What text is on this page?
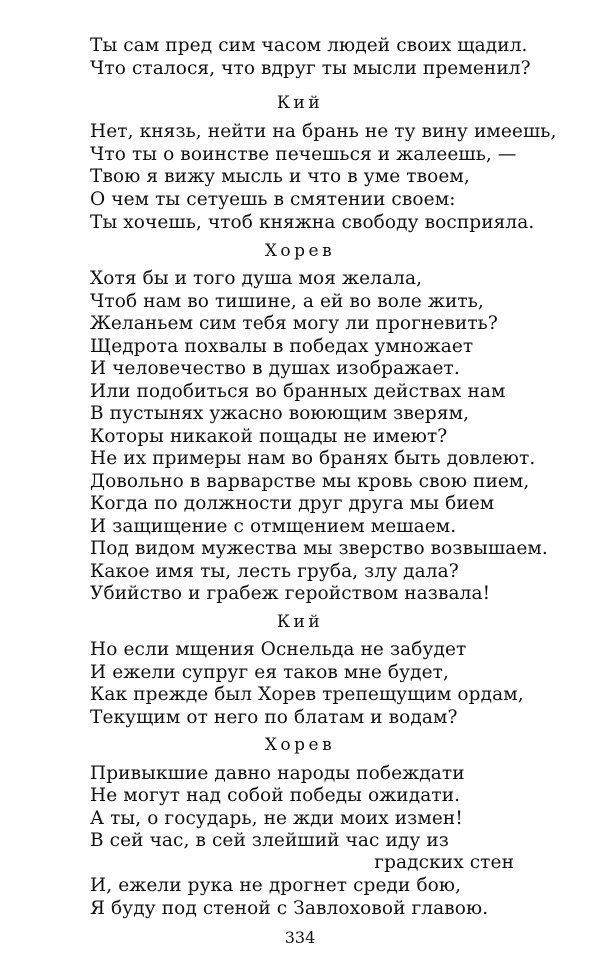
Ты сам пред сим часом людей своих щадил.
Что сталося, что вдруг ты мысли пременил?
Кий
Нет, князь, нейти на брань не ту вину имеешь,
Что ты о воинстве печешься и жалеешь, —
Твою я вижу мысль и что в уме твоем,
О чем ты сетуешь в смятении своем:
Ты хочешь, чтоб княжна свободу восприяла.
Хорев
Хотя бы и того душа моя желала,
Чтоб нам во тишине, а ей во воле жить,
Желаньем сим тебя могу ли прогневить?
Щедрота похвалы в победах умножает
И человечество в душах изображает.
Или подобиться во бранных действах нам
В пустынях ужасно воюющим зверям,
Которы никакой пощады не имеют?
Не их примеры нам во бранях быть довлеют.
Довольно в варварстве мы кровь свою пием,
Когда по должности друг друга мы бием
И защищение с отмщением мешаем.
Под видом мужества мы зверство возвышаем.
Какое имя ты, лесть груба, злу дала?
Убийство и грабеж геройством назвала!
Кий
Но если мщения Оснельда не забудет
И ежели супруг ея таков мне будет,
Как прежде был Хорев трепещущим ордам,
Текущим от него по блатам и водам?
Хорев
Привыкшие давно народы побеждати
Не могут над собой победы ожидати.
А ты, о государь, не жди моих измен!
В сей час, в сей злейший час иду из
градских стен
И, ежели рука не дрогнет среди бою,
Я буду под стеной с Завлоховой главою.
334
